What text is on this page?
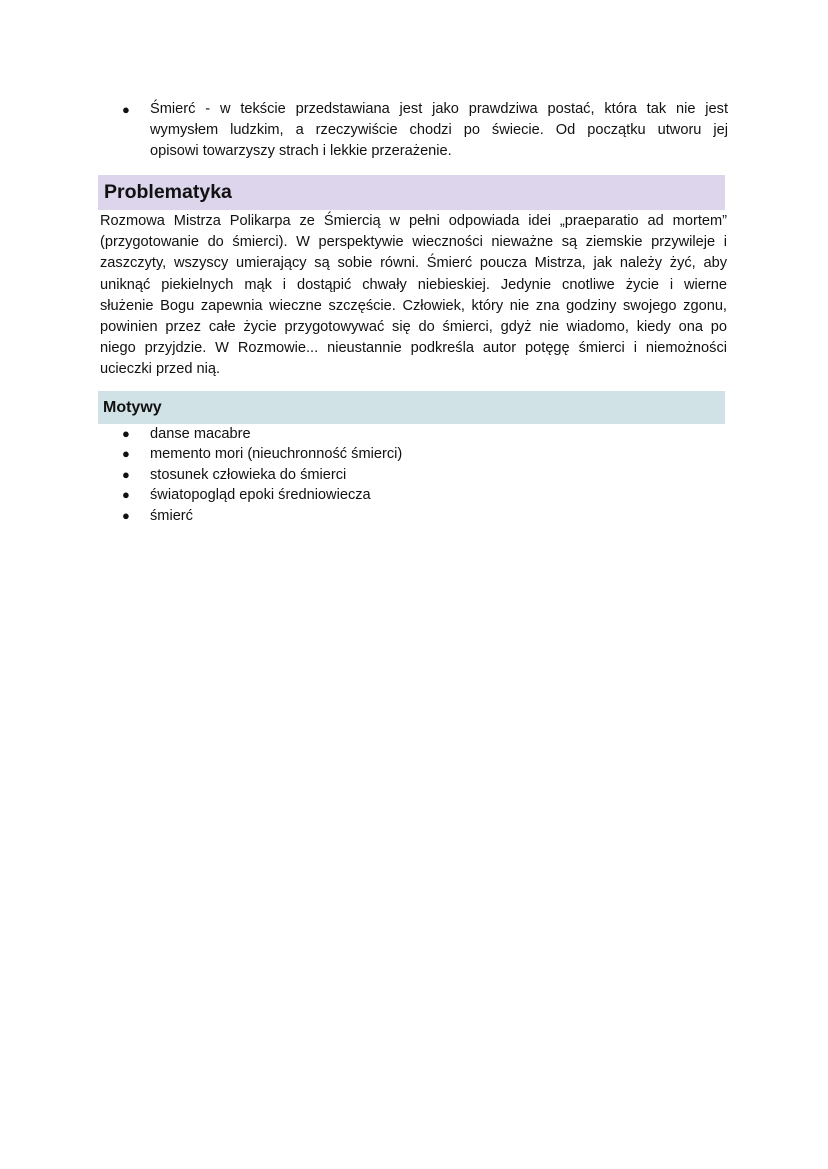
●	Śmierć - w tekście przedstawiana jest jako prawdziwa postać, która tak nie jest
wymysłem ludzkim, a rzeczywiście chodzi po świecie. Od początku utworu jej
opisowi towarzyszy strach i lekkie przerażenie.
Problematyka
Rozmowa Mistrza Polikarpa ze Śmiercią w pełni odpowiada idei „praeparatio ad mortem”
(przygotowanie do śmierci). W perspektywie wieczności nieważne są ziemskie przywileje i
zaszczyty, wszyscy umierający są sobie równi. Śmierć poucza Mistrza, jak należy żyć, aby
uniknąć piekielnych mąk i dostąpić chwały niebieskiej. Jedynie cnotliwe życie i wierne
służenie Bogu zapewnia wieczne szczęście. Człowiek, który nie zna godziny swojego zgonu,
powinien przez całe życie przygotowywać się do śmierci, gdyż nie wiadomo, kiedy ona po
niego przyjdzie. W Rozmowie... nieustannie podkreśla autor potęgę śmierci i niemożności
ucieczki przed nią.
Motywy
●	danse macabre
●	memento mori (nieuchronność śmierci)
●	stosunek człowieka do śmierci
●	światopogląd epoki średniowiecza
●	śmierć
